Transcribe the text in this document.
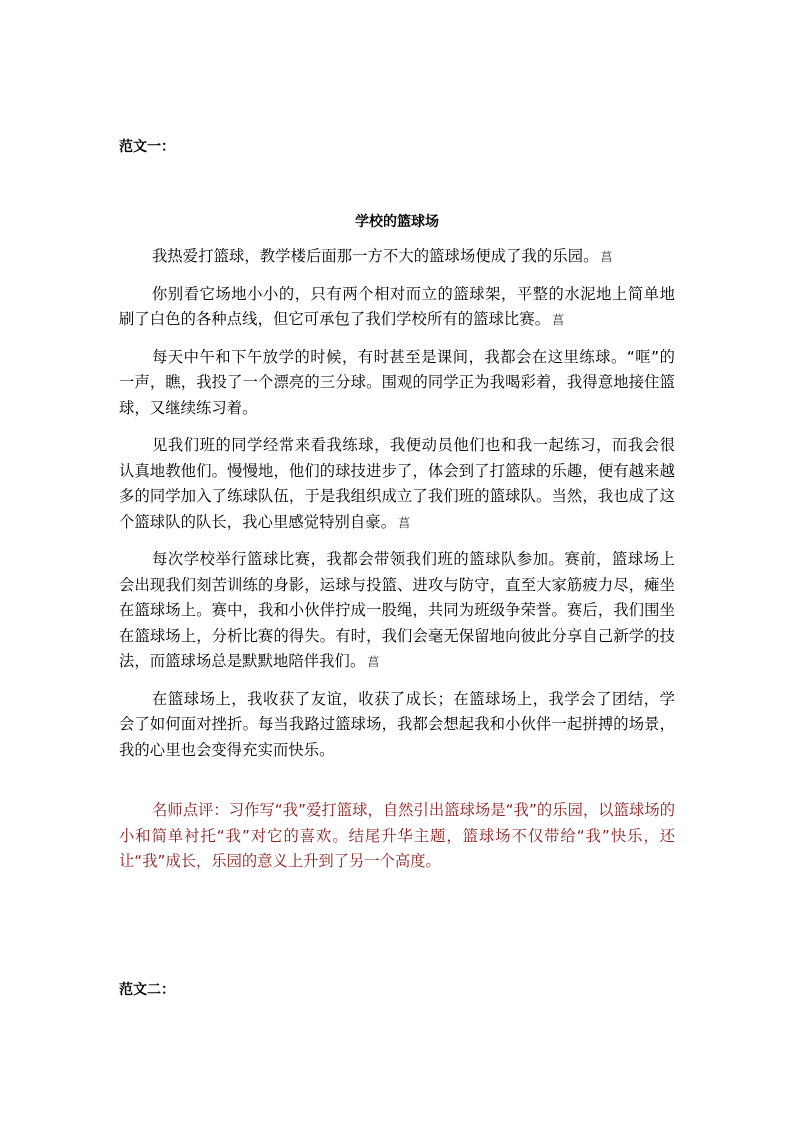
范文一：
学校的篮球场

我热爱打篮球，教学楼后面那一方不大的篮球场便成了我的乐园。 菖

你别看它场地小小的，只有两个相对而立的篮球架，平整的水泥地上简单地刷了白色的各种点线，但它可承包了我们学校所有的篮球比赛。 菖

每天中午和下午放学的时候，有时甚至是课间，我都会在这里练球。“哐”的一声，瞧，我投了一个漂亮的三分球。围观的同学正为我喝彩着，我得意地接住篮球，又继续练习着。

见我们班的同学经常来看我练球，我便动员他们也和我一起练习，而我会很认真地教他们。慢慢地，他们的球技进步了，体会到了打篮球的乐趣，便有越来越多的同学加入了练球队伍，于是我组织成立了我们班的篮球队。当然，我也成了这个篮球队的队长，我心里感觉特别自豪。 菖

每次学校举行篮球比赛，我都会带领我们班的篮球队参加。赛前，篮球场上会出现我们刻苦训练的身影，运球与投篮、进攻与防守，直至大家筋疲力尽，瘫坐在篮球场上。赛中，我和小伙伴拧成一股绳，共同为班级争荣誉。赛后，我们围坐在篮球场上，分析比赛的得失。有时，我们会毫无保留地向彼此分享自己新学的技法，而篮球场总是默默地陪伴我们。 菖

在篮球场上，我收获了友谊，收获了成长；在篮球场上，我学会了团结，学会了如何面对挫折。每当我路过篮球场，我都会想起我和小伙伴一起拼搏的场景，我的心里也会变得充实而快乐。

名师点评：习作写“我”爱打篮球，自然引出篮球场是“我”的乐园，以篮球场的小和简单衬托“我”对它的喜欢。结尾升华主题，篮球场不仅带给“我”快乐，还让“我”成长，乐园的意义上升到了另一个高度。

范文二：
